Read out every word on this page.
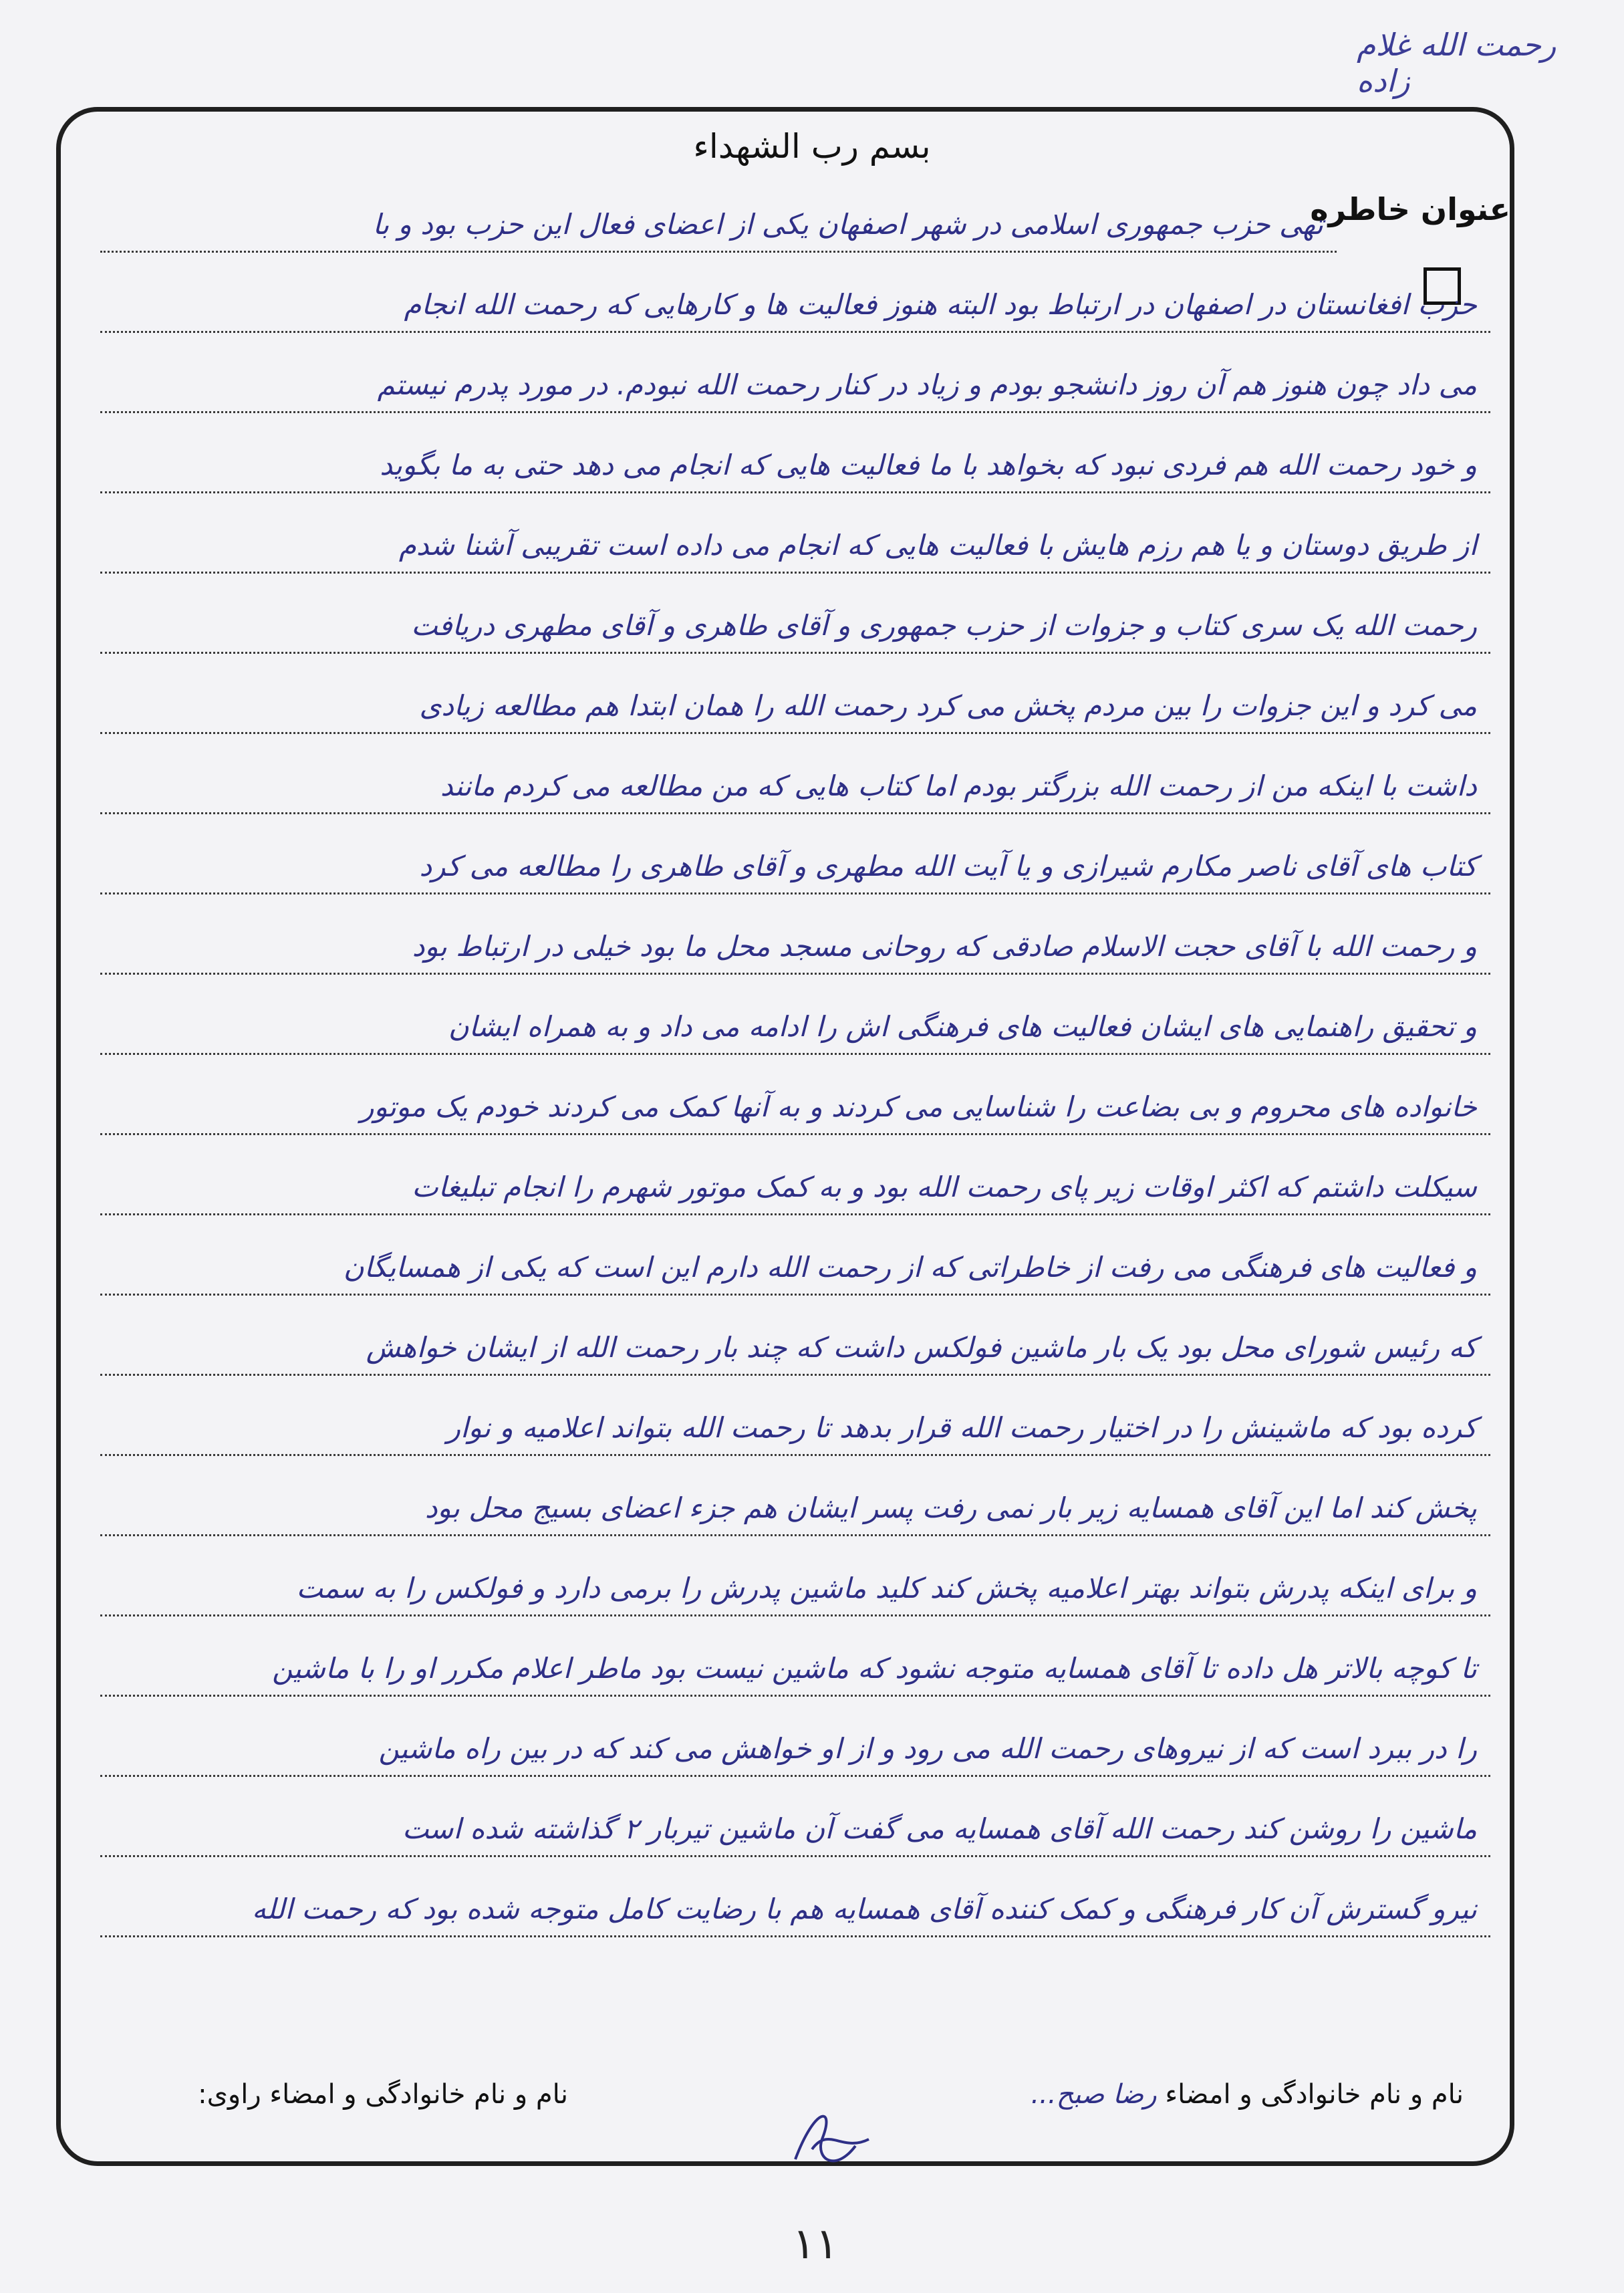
رحمت الله غلام زاده
بسم رب الشهداء
عنوان خاطره
تهی حزب جمهوری اسلامی در شهر اصفهان یکی از اعضای فعال این حزب بود و با
حزب افغانستان در اصفهان در ارتباط بود البته هنوز فعالیت ها و کارهایی که رحمت الله انجام
می داد چون هنوز هم آن روز دانشجو بودم و زیاد در کنار رحمت الله نبودم. در مورد پدرم نیستم
و خود رحمت الله هم فردی نبود که بخواهد با ما فعالیت هایی که انجام می دهد حتی به ما بگوید
از طریق دوستان و یا هم رزم هایش با فعالیت هایی که انجام می داده است تقریبی آشنا شدم
رحمت الله یک سری کتاب و جزوات از حزب جمهوری و آقای طاهری و آقای مطهری دریافت
می کرد و این جزوات را بین مردم پخش می کرد رحمت الله را همان ابتدا هم مطالعه زیادی
داشت با اینکه من از رحمت الله بزرگتر بودم اما کتاب هایی که من مطالعه می کردم مانند
کتاب های آقای ناصر مکارم شیرازی و یا آیت الله مطهری و آقای طاهری را مطالعه می کرد
و رحمت الله با آقای حجت الاسلام صادقی که روحانی مسجد محل ما بود خیلی در ارتباط بود
و تحقیق راهنمایی های ایشان فعالیت های فرهنگی اش را ادامه می داد و به همراه ایشان
خانواده های محروم و بی بضاعت را شناسایی می کردند و به آنها کمک می کردند خودم یک موتور
سیکلت داشتم که اکثر اوقات زیر پای رحمت الله بود و به کمک موتور شهرم را انجام تبلیغات
و فعالیت های فرهنگی می رفت از خاطراتی که از رحمت الله دارم این است که یکی از همسایگان
که رئیس شورای محل بود یک بار ماشین فولکس داشت که چند بار رحمت الله از ایشان خواهش
کرده بود که ماشینش را در اختیار رحمت الله قرار بدهد تا رحمت الله بتواند اعلامیه و نوار
پخش کند اما این آقای همسایه زیر بار نمی رفت پسر ایشان هم جزء اعضای بسیج محل بود
و برای اینکه پدرش بتواند بهتر اعلامیه پخش کند کلید ماشین پدرش را برمی دارد و فولکس را به سمت
تا کوچه بالاتر هل داده تا آقای همسایه متوجه نشود که ماشین نیست بود ماطر اعلام مکرر او را با ماشین
را در ببرد است که از نیروهای رحمت الله می رود و از او خواهش می کند که در بین راه ماشین
ماشین را روشن کند رحمت الله آقای همسایه می گفت آن ماشین تیربار ۲ گذاشته شده است
نیرو گسترش آن کار فرهنگی و کمک کننده آقای همسایه هم با رضایت کامل متوجه شده بود که رحمت الله
نام و نام خانوادگی و امضاء رضا صبح...
نام و نام خانوادگی و امضاء راوی:
۱۱
